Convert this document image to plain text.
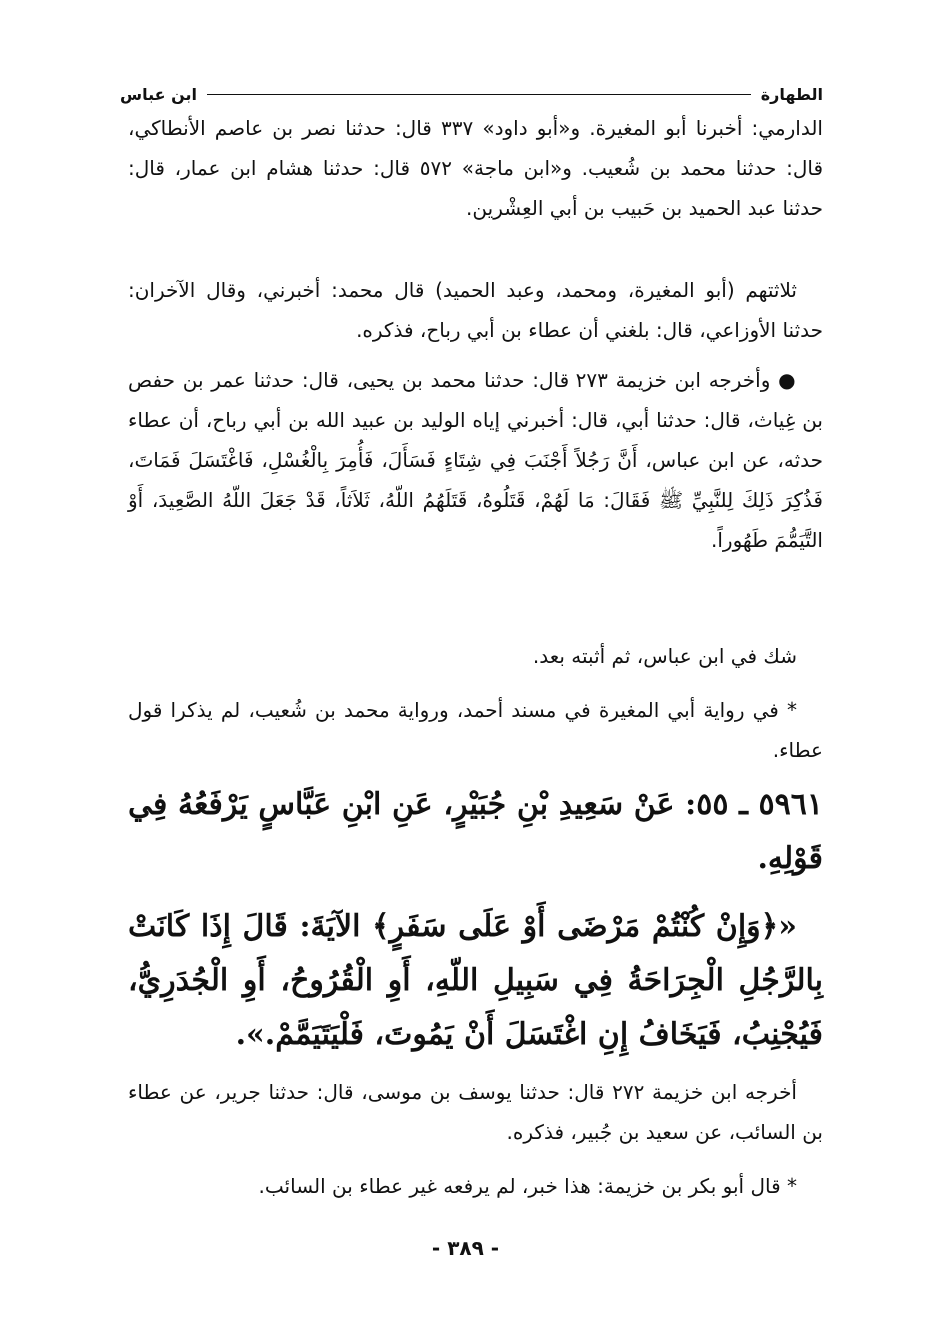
الطهارة
ابن عباس

الدارمي: أخبرنا أبو المغيرة. و«أبو داود» ٣٣٧ قال: حدثنا نصر بن عاصم الأنطاكي، قال: حدثنا محمد بن شُعيب. و«ابن ماجة» ٥٧٢ قال: حدثنا هشام ابن عمار، قال: حدثنا عبد الحميد بن حَبيب بن أبي العِشْرين.

ثلاثتهم (أبو المغيرة، ومحمد، وعبد الحميد) قال محمد: أخبرني، وقال الآخران: حدثنا الأوزاعي، قال: بلغني أن عطاء بن أبي رباح، فذكره.

● وأخرجه ابن خزيمة ٢٧٣ قال: حدثنا محمد بن يحيى، قال: حدثنا عمر بن حفص بن غِياث، قال: حدثنا أبي، قال: أخبرني إياه الوليد بن عبيد الله بن أبي رباح، أن عطاء حدثه، عن ابن عباس، أَنَّ رَجُلاً أَجْنَبَ فِي شِتَاءٍ فَسَأَلَ، فَأُمِرَ بِالْغُسْلِ، فَاغْتَسَلَ فَمَاتَ، فَذُكِرَ ذَلِكَ لِلنَّبِيِّ ﷺ فَقَالَ: مَا لَهُمْ، قَتَلُوهُ، قَتَلَهُمُ اللّهُ، ثَلاَثاً، قَدْ جَعَلَ اللّهُ الصَّعِيدَ، أَوْ التَّيَمُّمَ طَهُوراً.

شك في ابن عباس، ثم أثبته بعد.

* في رواية أبي المغيرة في مسند أحمد، ورواية محمد بن شُعيب، لم يذكرا قول عطاء.

٥٩٦١ ـ ٥٥: عَنْ سَعِيدِ بْنِ جُبَيْرٍ، عَنِ ابْنِ عَبَّاسٍ يَرْفَعُهُ فِي قَوْلِهِ.

«﴿وَإِنْ كُنْتُمْ مَرْضَى أَوْ عَلَى سَفَرٍ﴾ الآيَةَ: قَالَ إِذَا كَانَتْ بِالرَّجُلِ الْجِرَاحَةُ فِي سَبِيلِ اللّهِ، أَوِ الْقُرُوحُ، أَوِ الْجُدَرِيُّ، فَيُجْنِبُ، فَيَخَافُ إِنِ اغْتَسَلَ أَنْ يَمُوتَ، فَلْيَتَيَمَّمْ.».

أخرجه ابن خزيمة ٢٧٢ قال: حدثنا يوسف بن موسى، قال: حدثنا جرير، عن عطاء بن السائب، عن سعيد بن جُبير، فذكره.

* قال أبو بكر بن خزيمة: هذا خبر، لم يرفعه غير عطاء بن السائب.

- ٣٨٩ -
